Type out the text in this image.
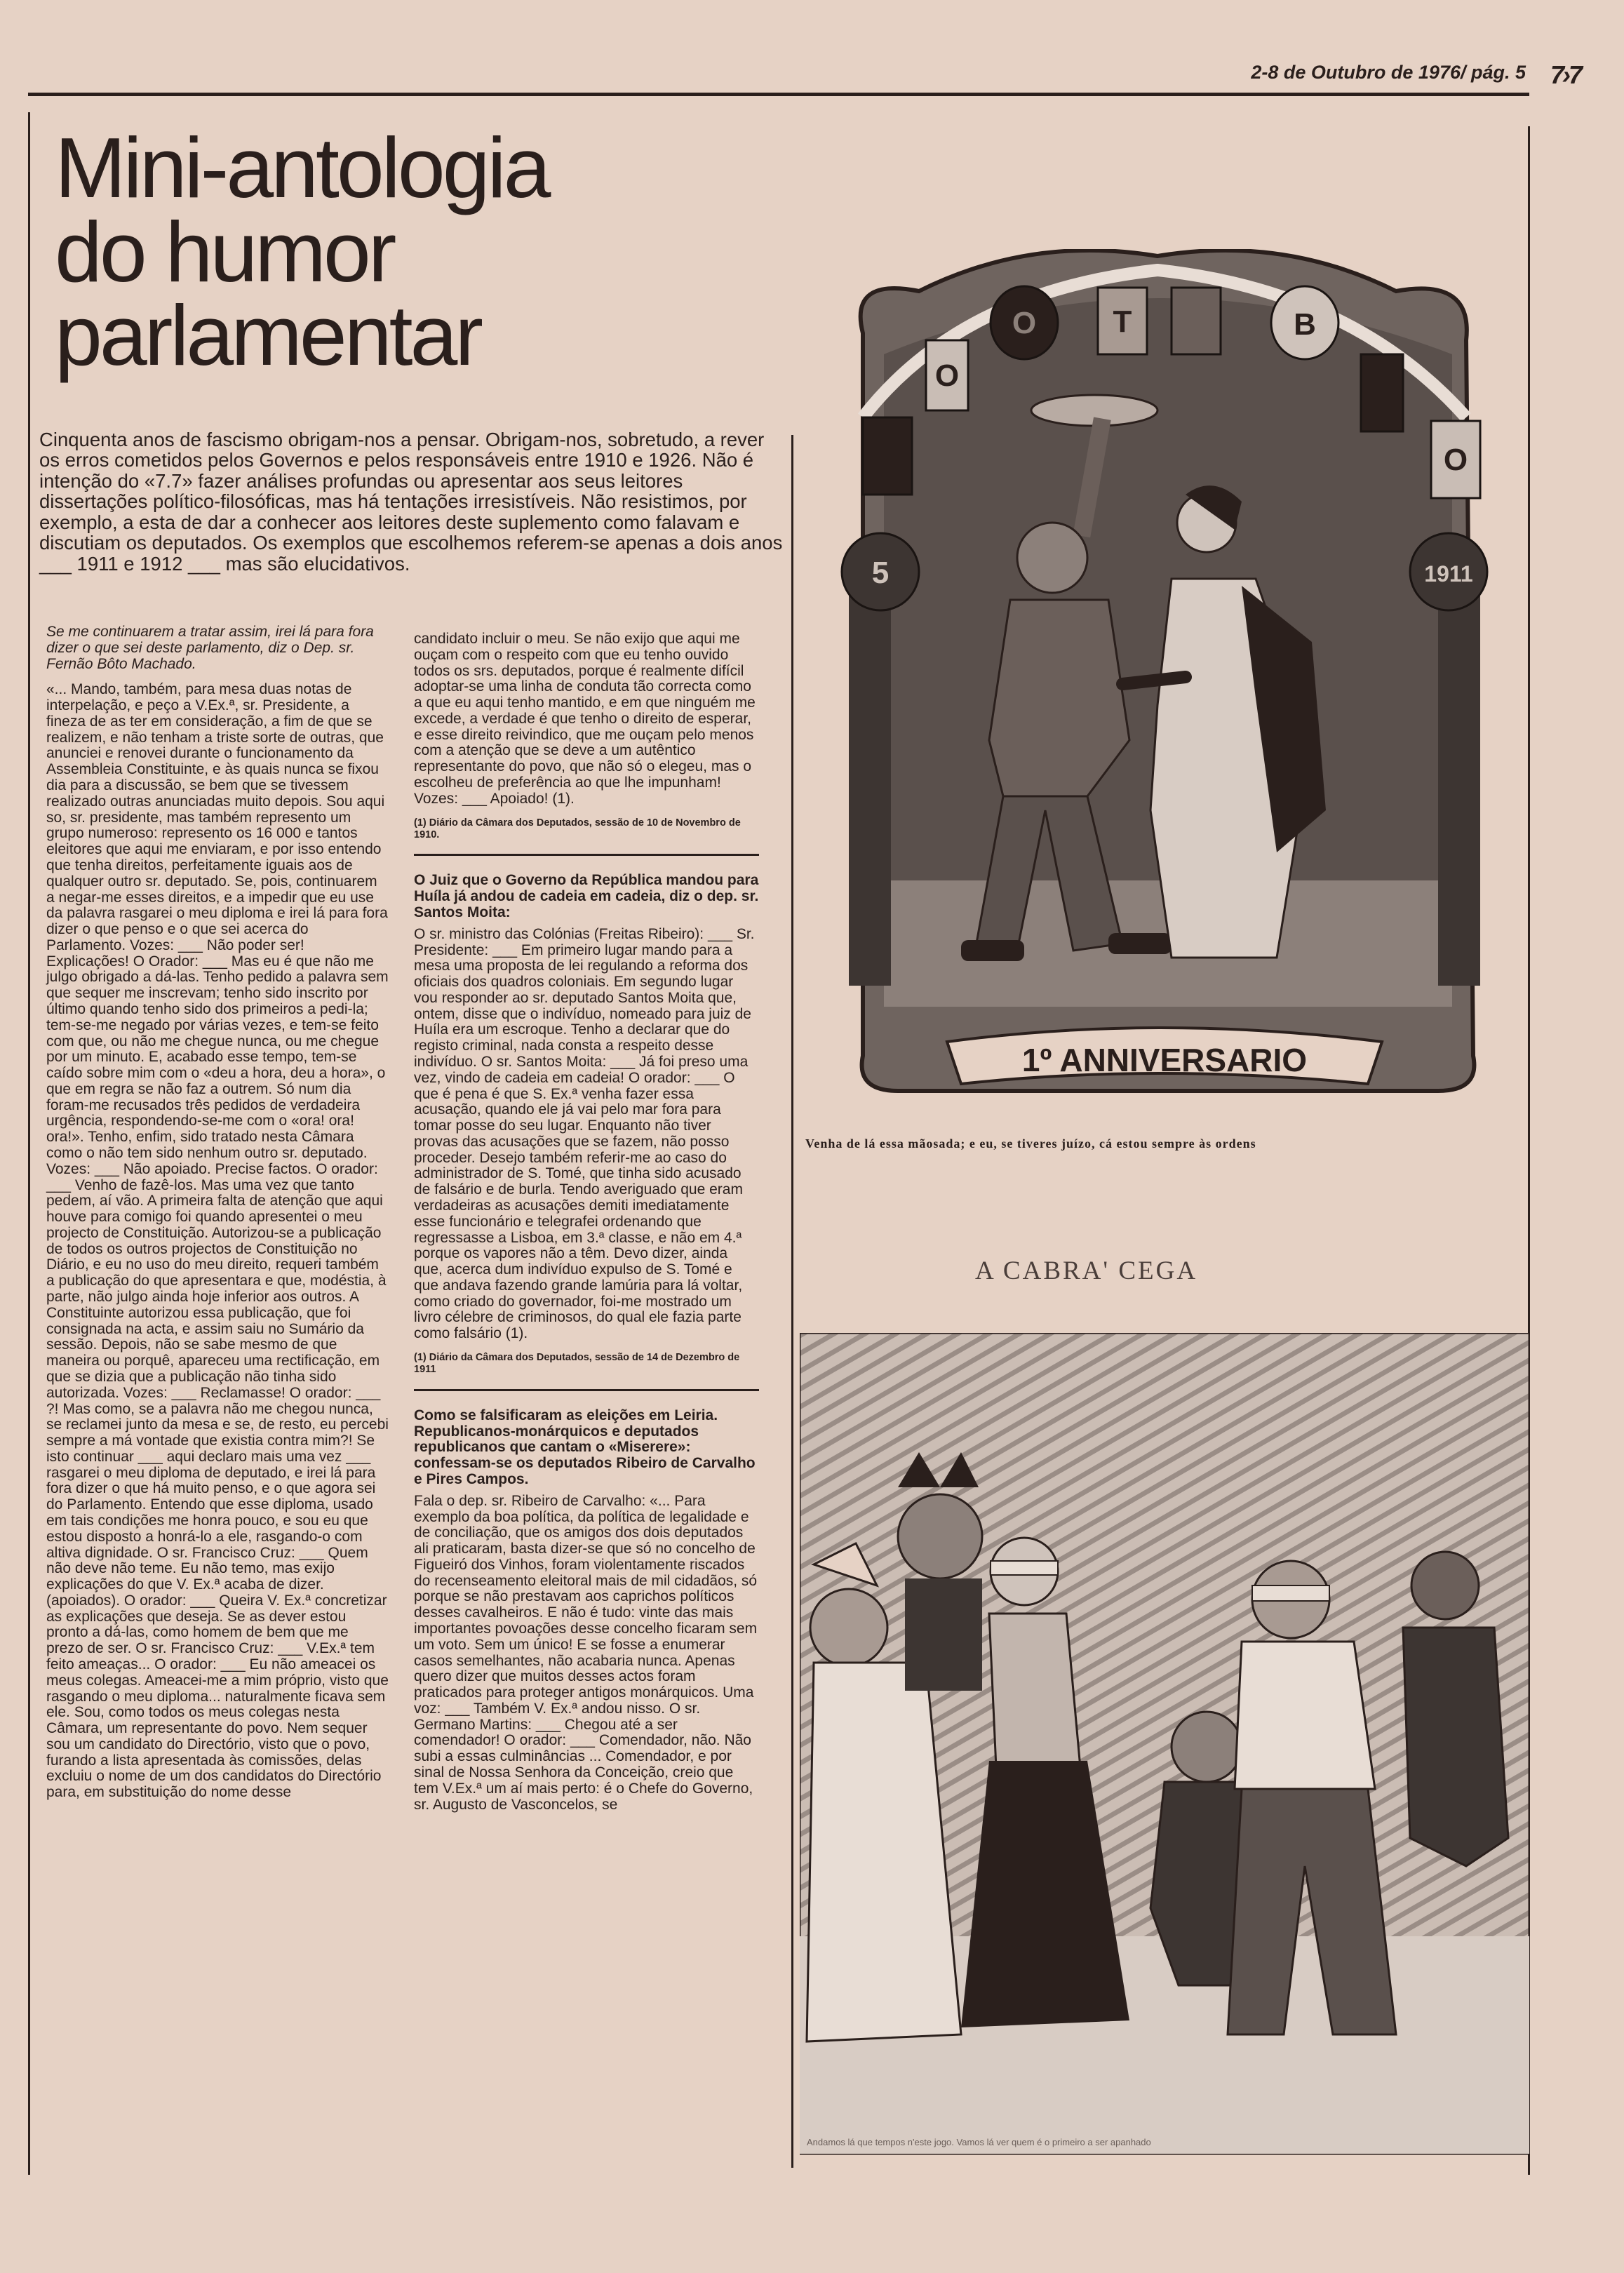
2-8 de Outubro de 1976/ pág. 5 7›7
Mini-antologia
do humor
parlamentar

Cinquenta anos de fascismo obrigam-nos a pensar. Obrigam-nos, sobretudo, a rever os erros cometidos pelos Governos e pelos responsáveis entre 1910 e 1926. Não é intenção do «7.7» fazer análises profundas ou apresentar aos seus leitores dissertações político-filosóficas, mas há tentações irresistíveis. Não resistimos, por exemplo, a esta de dar a conhecer aos leitores deste suplemento como falavam e discutiam os deputados. Os exemplos que escolhemos referem-se apenas a dois anos ___ 1911 e 1912 ___ mas são elucidativos.

Se me continuarem a tratar assim, irei lá para fora dizer o que sei deste parlamento, diz o Dep. sr. Fernão Bôto Machado.

«... Mando, também, para mesa duas notas de interpelação, e peço a V.Ex.ª, sr. Presidente, a fineza de as ter em consideração, a fim de que se realizem, e não tenham a triste sorte de outras, que anunciei e renovei durante o funcionamento da Assembleia Constituinte, e às quais nunca se fixou dia para a discussão, se bem que se tivessem realizado outras anunciadas muito depois. Sou aqui so, sr. presidente, mas também represento um grupo numeroso: represento os 16 000 e tantos eleitores que aqui me enviaram, e por isso entendo que tenha direitos, perfeitamente iguais aos de qualquer outro sr. deputado. Se, pois, continuarem a negar-me esses direitos, e a impedir que eu use da palavra rasgarei o meu diploma e irei lá para fora dizer o que penso e o que sei acerca do Parlamento. Vozes: ___ Não poder ser! Explicações! O Orador: ___ Mas eu é que não me julgo obrigado a dá-las. Tenho pedido a palavra sem que sequer me inscrevam; tenho sido inscrito por último quando tenho sido dos primeiros a pedi-la; tem-se-me negado por várias vezes, e tem-se feito com que, ou não me chegue nunca, ou me chegue por um minuto. E, acabado esse tempo, tem-se caído sobre mim com o «deu a hora, deu a hora», o que em regra se não faz a outrem. Só num dia foram-me recusados três pedidos de verdadeira urgência, respondendo-se-me com o «ora! ora! ora!». Tenho, enfim, sido tratado nesta Câmara como o não tem sido nenhum outro sr. deputado. Vozes: ___ Não apoiado. Precise factos. O orador: ___ Venho de fazê-los. Mas uma vez que tanto pedem, aí vão. A primeira falta de atenção que aqui houve para comigo foi quando apresentei o meu projecto de Constituição. Autorizou-se a publicação de todos os outros projectos de Constituição no Diário, e eu no uso do meu direito, requeri também a publicação do que apresentara e que, modéstia, à parte, não julgo ainda hoje inferior aos outros. A Constituinte autorizou essa publicação, que foi consignada na acta, e assim saiu no Sumário da sessão. Depois, não se sabe mesmo de que maneira ou porquê, apareceu uma rectificação, em que se dizia que a publicação não tinha sido autorizada. Vozes: ___ Reclamasse! O orador: ___ ?! Mas como, se a palavra não me chegou nunca, se reclamei junto da mesa e se, de resto, eu percebi sempre a má vontade que existia contra mim?! Se isto continuar ___ aqui declaro mais uma vez ___ rasgarei o meu diploma de deputado, e irei lá para fora dizer o que há muito penso, e o que agora sei do Parlamento. Entendo que esse diploma, usado em tais condições me honra pouco, e sou eu que estou disposto a honrá-lo a ele, rasgando-o com altiva dignidade. O sr. Francisco Cruz: ___ Quem não deve não teme. Eu não temo, mas exijo explicações do que V. Ex.ª acaba de dizer. (apoiados). O orador: ___ Queira V. Ex.ª concretizar as explicações que deseja. Se as dever estou pronto a dá-las, como homem de bem que me prezo de ser. O sr. Francisco Cruz: ___ V.Ex.ª tem feito ameaças... O orador: ___ Eu não ameacei os meus colegas. Ameacei-me a mim próprio, visto que rasgando o meu diploma... naturalmente ficava sem ele. Sou, como todos os meus colegas nesta Câmara, um representante do povo. Nem sequer sou um candidato do Directório, visto que o povo, furando a lista apresentada às comissões, delas excluiu o nome de um dos candidatos do Directório para, em substituição do nome desse

candidato incluir o meu. Se não exijo que aqui me ouçam com o respeito com que eu tenho ouvido todos os srs. deputados, porque é realmente difícil adoptar-se uma linha de conduta tão correcta como a que eu aqui tenho mantido, e em que ninguém me excede, a verdade é que tenho o direito de esperar, e esse direito reivindico, que me ouçam pelo menos com a atenção que se deve a um autêntico representante do povo, que não só o elegeu, mas o escolheu de preferência ao que lhe impunham! Vozes: ___ Apoiado! (1).

(1) Diário da Câmara dos Deputados, sessão de 10 de Novembro de 1910.

O Juiz que o Governo da República mandou para Huíla já andou de cadeia em cadeia, diz o dep. sr. Santos Moita:

O sr. ministro das Colónias (Freitas Ribeiro): ___ Sr. Presidente: ___ Em primeiro lugar mando para a mesa uma proposta de lei regulando a reforma dos oficiais dos quadros coloniais. Em segundo lugar vou responder ao sr. deputado Santos Moita que, ontem, disse que o indivíduo, nomeado para juiz de Huíla era um escroque. Tenho a declarar que do registo criminal, nada consta a respeito desse indivíduo. O sr. Santos Moita: ___ Já foi preso uma vez, vindo de cadeia em cadeia! O orador: ___ O que é pena é que S. Ex.ª venha fazer essa acusação, quando ele já vai pelo mar fora para tomar posse do seu lugar. Enquanto não tiver provas das acusações que se fazem, não posso proceder. Desejo também referir-me ao caso do administrador de S. Tomé, que tinha sido acusado de falsário e de burla. Tendo averiguado que eram verdadeiras as acusações demiti imediatamente esse funcionário e telegrafei ordenando que regressasse a Lisboa, em 3.ª classe, e não em 4.ª porque os vapores não a têm. Devo dizer, ainda que, acerca dum indivíduo expulso de S. Tomé e que andava fazendo grande lamúria para lá voltar, como criado do governador, foi-me mostrado um livro célebre de criminosos, do qual ele fazia parte como falsário (1).

(1) Diário da Câmara dos Deputados, sessão de 14 de Dezembro de 1911

Como se falsificaram as eleições em Leiria. Republicanos-monárquicos e deputados republicanos que cantam o «Miserere»: confessam-se os deputados Ribeiro de Carvalho e Pires Campos.

Fala o dep. sr. Ribeiro de Carvalho: «... Para exemplo da boa política, da política de legalidade e de conciliação, que os amigos dos dois deputados ali praticaram, basta dizer-se que só no concelho de Figueiró dos Vinhos, foram violentamente riscados do recenseamento eleitoral mais de mil cidadãos, só porque se não prestavam aos caprichos políticos desses cavalheiros. E não é tudo: vinte das mais importantes povoações desse concelho ficaram sem um voto. Sem um único! E se fosse a enumerar casos semelhantes, não acabaria nunca. Apenas quero dizer que muitos desses actos foram praticados para proteger antigos monárquicos. Uma voz: ___ Também V. Ex.ª andou nisso. O sr. Germano Martins: ___ Chegou até a ser comendador! O orador: ___ Comendador, não. Não subi a essas culminâncias ... Comendador, e por sinal de Nossa Senhora da Conceição, creio que tem V.Ex.ª um aí mais perto: é o Chefe do Governo, sr. Augusto de Vasconcelos, se

O T	B
O
O
5	1911
1º ANNIVERSARIO
Venha de lá essa mãosada; e eu, se tiveres juízo, cá estou sempre às ordens
A CABRA' CEGA
Andamos lá que tempos n'este jogo. Vamos lá ver quem é o primeiro a ser apanhado
